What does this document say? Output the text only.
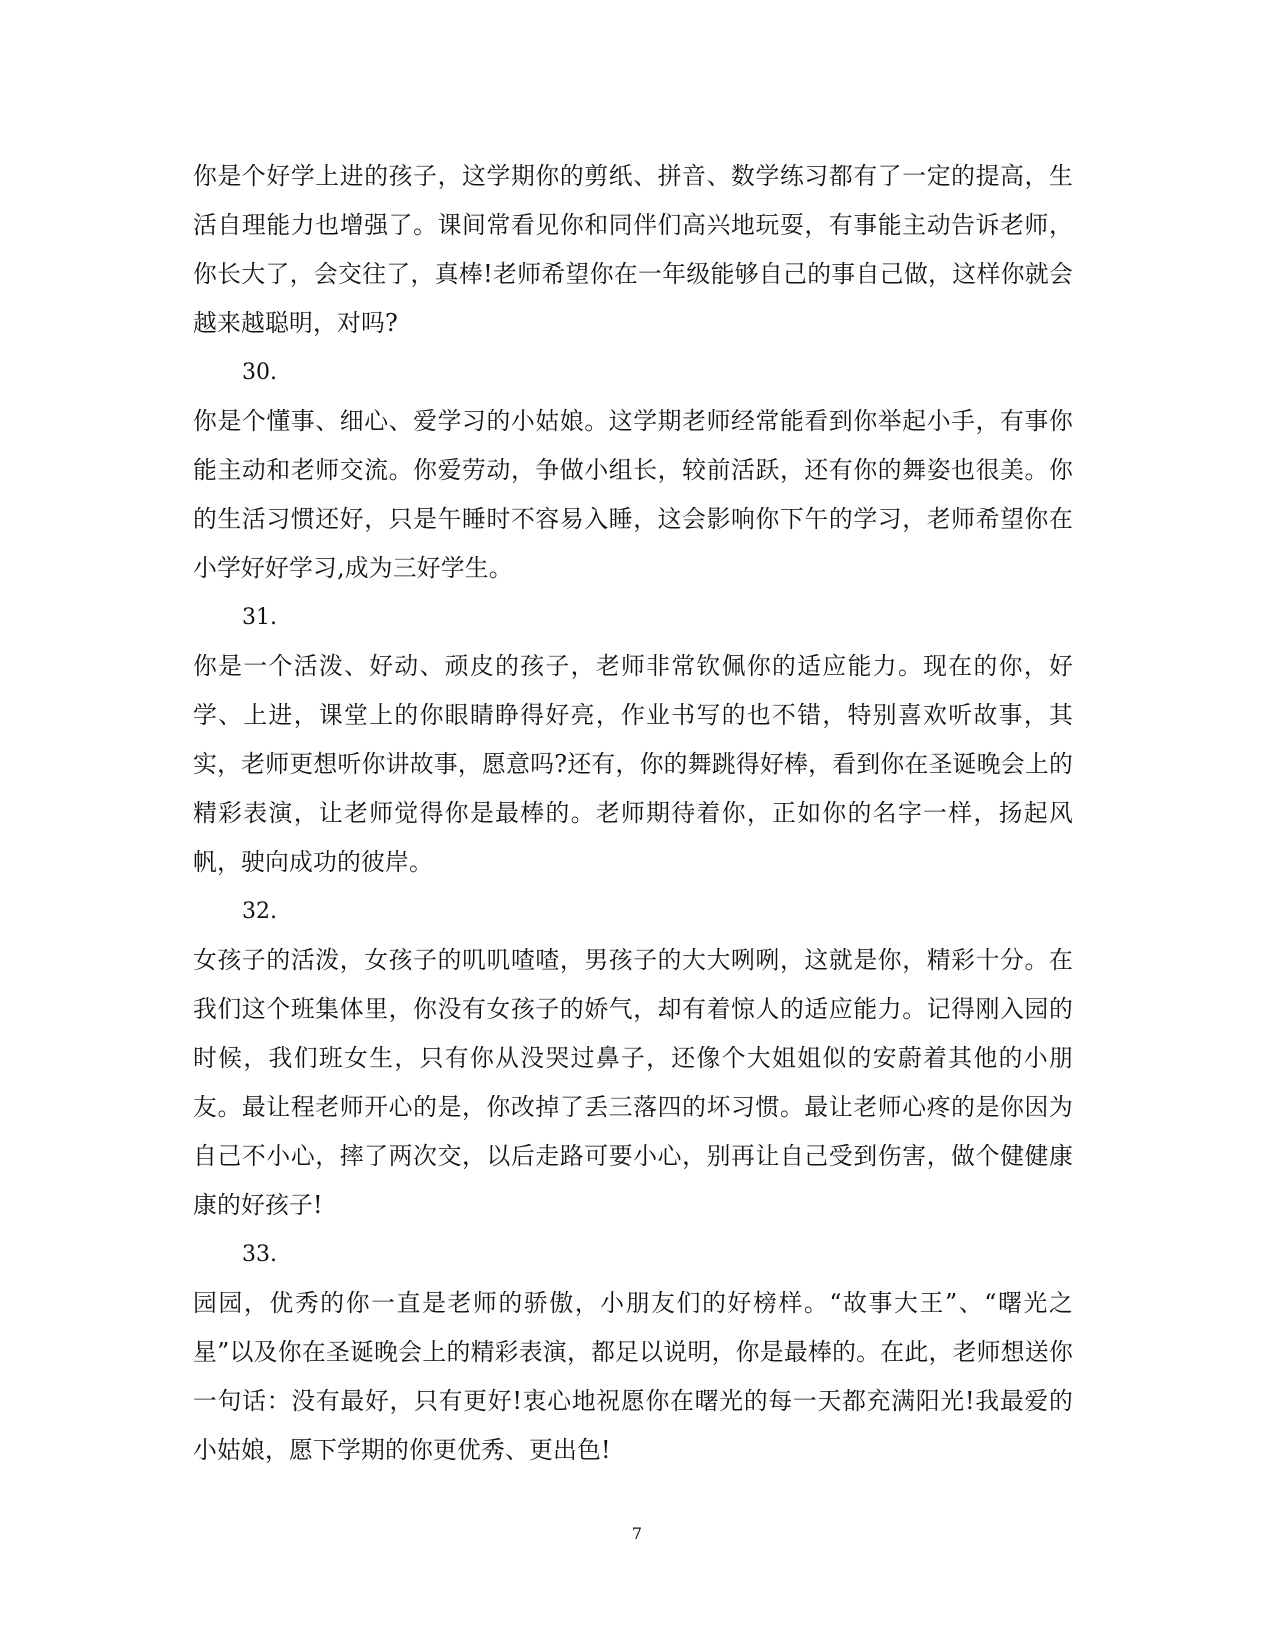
你是个好学上进的孩子，这学期你的剪纸、拼音、数学练习都有了一定的提高，生活自理能力也增强了。课间常看见你和同伴们高兴地玩耍，有事能主动告诉老师，你长大了，会交往了，真棒!老师希望你在一年级能够自己的事自己做，这样你就会越来越聪明，对吗?

30.

你是个懂事、细心、爱学习的小姑娘。这学期老师经常能看到你举起小手，有事你能主动和老师交流。你爱劳动，争做小组长，较前活跃，还有你的舞姿也很美。你的生活习惯还好，只是午睡时不容易入睡，这会影响你下午的学习，老师希望你在小学好好学习,成为三好学生。

31.

你是一个活泼、好动、顽皮的孩子，老师非常钦佩你的适应能力。现在的你，好学、上进，课堂上的你眼睛睁得好亮，作业书写的也不错，特别喜欢听故事，其实，老师更想听你讲故事，愿意吗?还有，你的舞跳得好棒，看到你在圣诞晚会上的精彩表演，让老师觉得你是最棒的。老师期待着你，正如你的名字一样，扬起风帆，驶向成功的彼岸。

32.

女孩子的活泼，女孩子的叽叽喳喳，男孩子的大大咧咧，这就是你，精彩十分。在我们这个班集体里，你没有女孩子的娇气，却有着惊人的适应能力。记得刚入园的时候，我们班女生，只有你从没哭过鼻子，还像个大姐姐似的安蔚着其他的小朋友。最让程老师开心的是，你改掉了丢三落四的坏习惯。最让老师心疼的是你因为自己不小心，摔了两次交，以后走路可要小心，别再让自己受到伤害，做个健健康康的好孩子!

33.

园园，优秀的你一直是老师的骄傲，小朋友们的好榜样。“故事大王”、“曙光之星”以及你在圣诞晚会上的精彩表演，都足以说明，你是最棒的。在此，老师想送你一句话：没有最好，只有更好!衷心地祝愿你在曙光的每一天都充满阳光!我最爱的小姑娘，愿下学期的你更优秀、更出色!

7
